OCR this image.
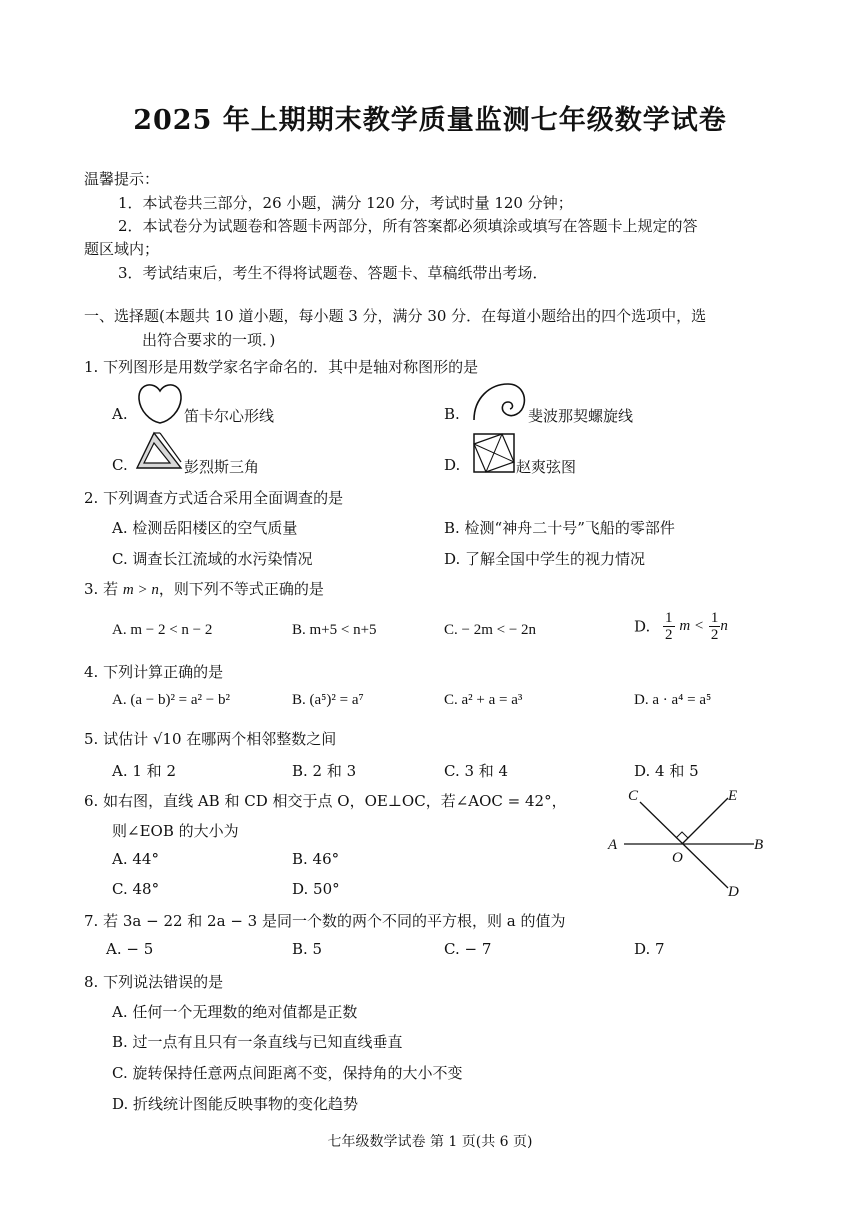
2025 年上期期末教学质量监测七年级数学试卷
温馨提示：
1．本试卷共三部分，26 小题，满分 120 分，考试时量 120 分钟；
2．本试卷分为试题卷和答题卡两部分，所有答案都必须填涂或填写在答题卡上规定的答
题区域内；
3．考试结束后，考生不得将试题卷、答题卡、草稿纸带出考场．
一、选择题(本题共 10 道小题，每小题 3 分，满分 30 分．在每道小题给出的四个选项中，选
出符合要求的一项．)
1. 下列图形是用数学家名字命名的．其中是轴对称图形的是
A.	笛卡尔心形线	B.	斐波那契螺旋线
C.	彭烈斯三角	D.	赵爽弦图
2. 下列调查方式适合采用全面调查的是
A. 检测岳阳楼区的空气质量	B. 检测“神舟二十号”飞船的零部件
C. 调查长江流域的水污染情况	D. 了解全国中学生的视力情况
3. 若 m > n，则下列不等式正确的是
A. m − 2 < n − 2	B. m+5 < n+5	C. − 2m < − 2n	D. $\frac{1}{2}$ $m < \frac{1}{2}$ n
4. 下列计算正确的是
A. (a − b)² = a² − b²	B. (a⁵)² = a⁷	C. a² + a = a³	D. a · a⁴ = a⁵
5. 试估计 √10 在哪两个相邻整数之间
A. 1 和 2	B. 2 和 3	C. 3 和 4	D. 4 和 5
6. 如右图，直线 AB 和 CD 相交于点 O，OE⊥OC，若∠AOC = 42°，
则∠EOB 的大小为
A. 44°	B. 46°
C. 48°	D. 50°
A	B
C
D
E
O
7. 若 3a − 22 和 2a − 3 是同一个数的两个不同的平方根，则 a 的值为
A. − 5	B. 5	C. − 7	D. 7
8. 下列说法错误的是
A. 任何一个无理数的绝对值都是正数
B. 过一点有且只有一条直线与已知直线垂直
C. 旋转保持任意两点间距离不变，保持角的大小不变
D. 折线统计图能反映事物的变化趋势
七年级数学试卷 第 1 页(共 6 页)
